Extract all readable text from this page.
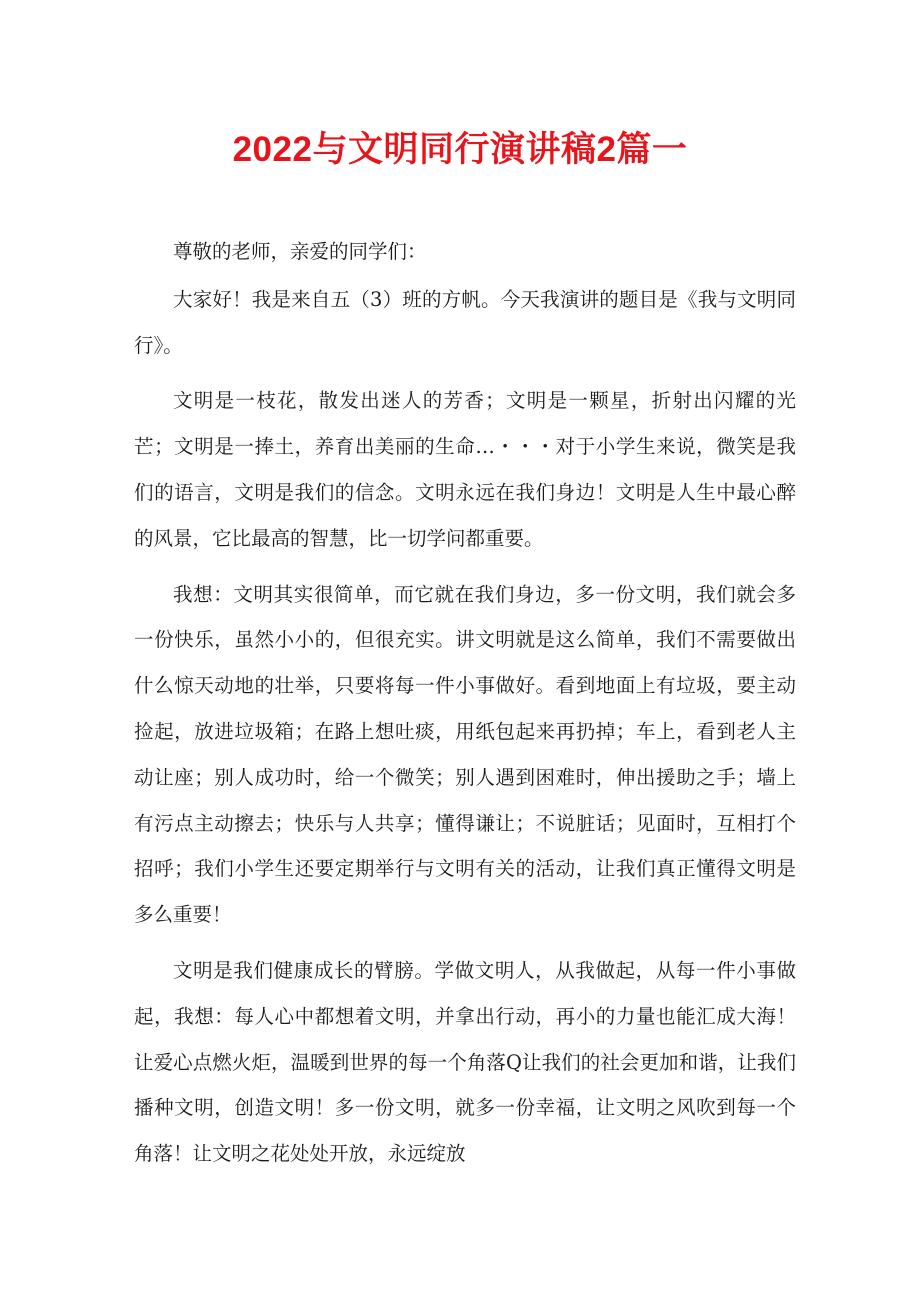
2022与文明同行演讲稿2篇一

尊敬的老师，亲爱的同学们：

大家好！我是来自五（3）班的方帆。今天我演讲的题目是《我与文明同行》。

文明是一枝花，散发出迷人的芳香；文明是一颗星，折射出闪耀的光芒；文明是一捧土，养育出美丽的生命…・・・对于小学生来说，微笑是我们的语言，文明是我们的信念。文明永远在我们身边！文明是人生中最心醉的风景，它比最高的智慧，比一切学问都重要。

我想：文明其实很简单，而它就在我们身边，多一份文明，我们就会多一份快乐，虽然小小的，但很充实。讲文明就是这么简单，我们不需要做出什么惊天动地的壮举，只要将每一件小事做好。看到地面上有垃圾，要主动捡起，放进垃圾箱；在路上想吐痰，用纸包起来再扔掉；车上，看到老人主动让座；别人成功时，给一个微笑；别人遇到困难时，伸出援助之手；墙上有污点主动擦去；快乐与人共享；懂得谦让；不说脏话；见面时，互相打个招呼；我们小学生还要定期举行与文明有关的活动，让我们真正懂得文明是多么重要！

文明是我们健康成长的臂膀。学做文明人，从我做起，从每一件小事做起，我想：每人心中都想着文明，并拿出行动，再小的力量也能汇成大海！让爱心点燃火炬，温暖到世界的每一个角落Q让我们的社会更加和谐，让我们播种文明，创造文明！多一份文明，就多一份幸福，让文明之风吹到每一个角落！让文明之花处处开放，永远绽放
